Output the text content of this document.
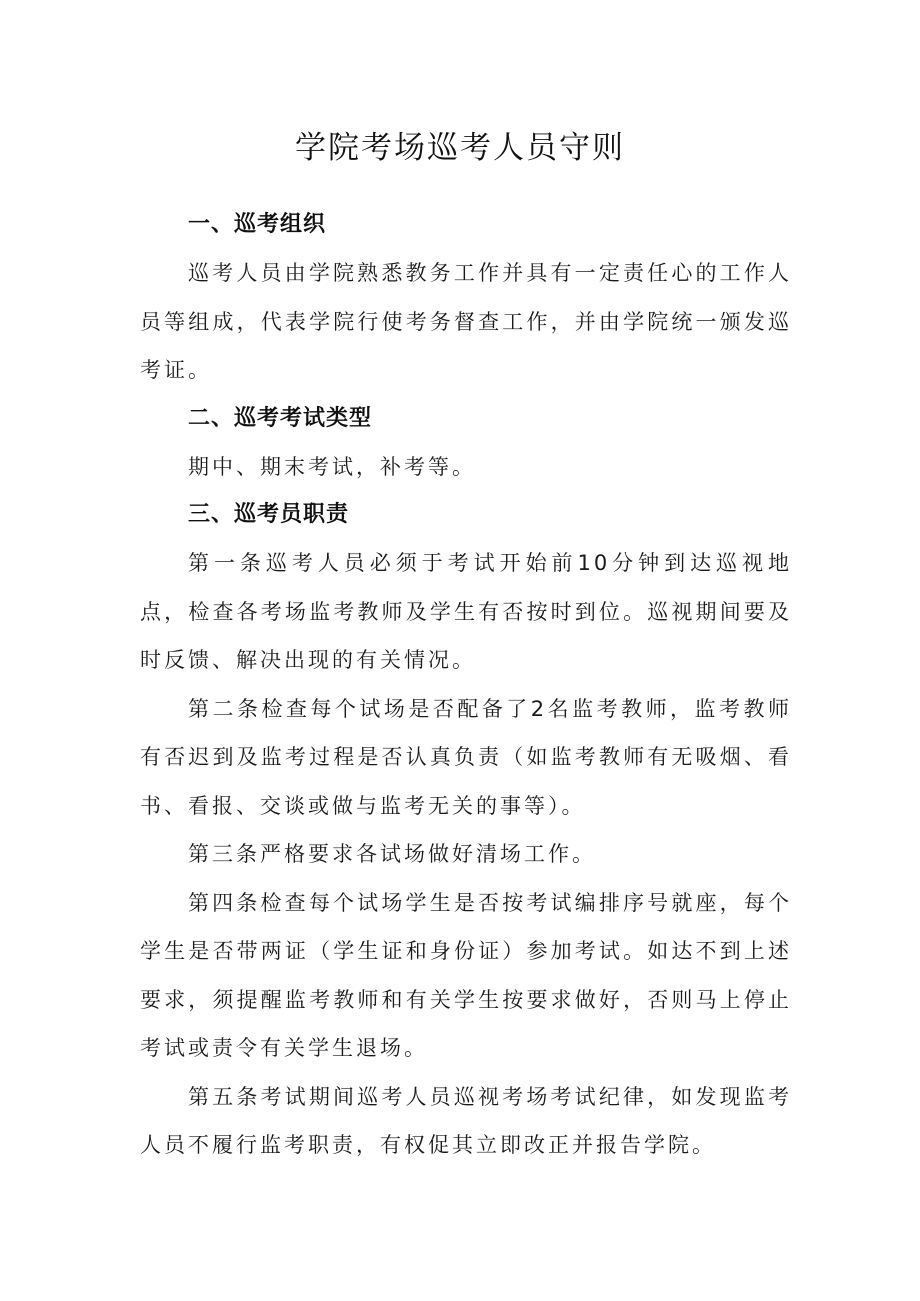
学院考场巡考人员守则
一、巡考组织

巡考人员由学院熟悉教务工作并具有一定责任心的工作人员等组成，代表学院行使考务督查工作，并由学院统一颁发巡考证。

二、巡考考试类型

期中、期末考试，补考等。

三、巡考员职责

第一条巡考人员必须于考试开始前10分钟到达巡视地点，检查各考场监考教师及学生有否按时到位。巡视期间要及时反馈、解决出现的有关情况。

第二条检查每个试场是否配备了2名监考教师，监考教师有否迟到及监考过程是否认真负责（如监考教师有无吸烟、看书、看报、交谈或做与监考无关的事等）。

第三条严格要求各试场做好清场工作。

第四条检查每个试场学生是否按考试编排序号就座，每个学生是否带两证（学生证和身份证）参加考试。如达不到上述要求，须提醒监考教师和有关学生按要求做好，否则马上停止考试或责令有关学生退场。

第五条考试期间巡考人员巡视考场考试纪律，如发现监考人员不履行监考职责，有权促其立即改正并报告学院。
